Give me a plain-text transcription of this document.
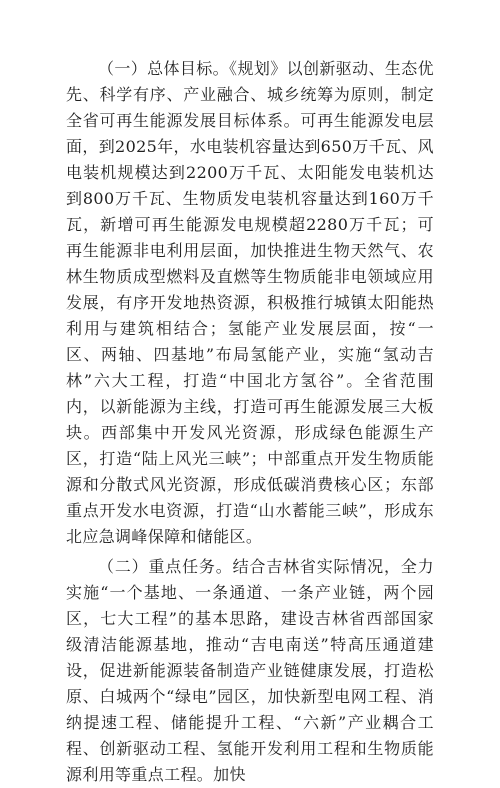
（一）总体目标。《规划》以创新驱动、生态优先、科学有序、产业融合、城乡统筹为原则，制定全省可再生能源发展目标体系。可再生能源发电层面，到2025年，水电装机容量达到650万千瓦、风电装机规模达到2200万千瓦、太阳能发电装机达到800万千瓦、生物质发电装机容量达到160万千瓦，新增可再生能源发电规模超2280万千瓦；可再生能源非电利用层面，加快推进生物天然气、农林生物质成型燃料及直燃等生物质能非电领域应用发展，有序开发地热资源，积极推行城镇太阳能热利用与建筑相结合；氢能产业发展层面，按“一区、两轴、四基地”布局氢能产业，实施“氢动吉林”六大工程，打造“中国北方氢谷”。全省范围内，以新能源为主线，打造可再生能源发展三大板块。西部集中开发风光资源，形成绿色能源生产区，打造“陆上风光三峡”；中部重点开发生物质能源和分散式风光资源，形成低碳消费核心区；东部重点开发水电资源，打造“山水蓄能三峡”，形成东北应急调峰保障和储能区。

（二）重点任务。结合吉林省实际情况，全力实施“一个基地、一条通道、一条产业链，两个园区，七大工程”的基本思路，建设吉林省西部国家级清洁能源基地，推动“吉电南送”特高压通道建设，促进新能源装备制造产业链健康发展，打造松原、白城两个“绿电”园区，加快新型电网工程、消纳提速工程、储能提升工程、“六新”产业耦合工程、创新驱动工程、氢能开发利用工程和生物质能源利用等重点工程。加快
